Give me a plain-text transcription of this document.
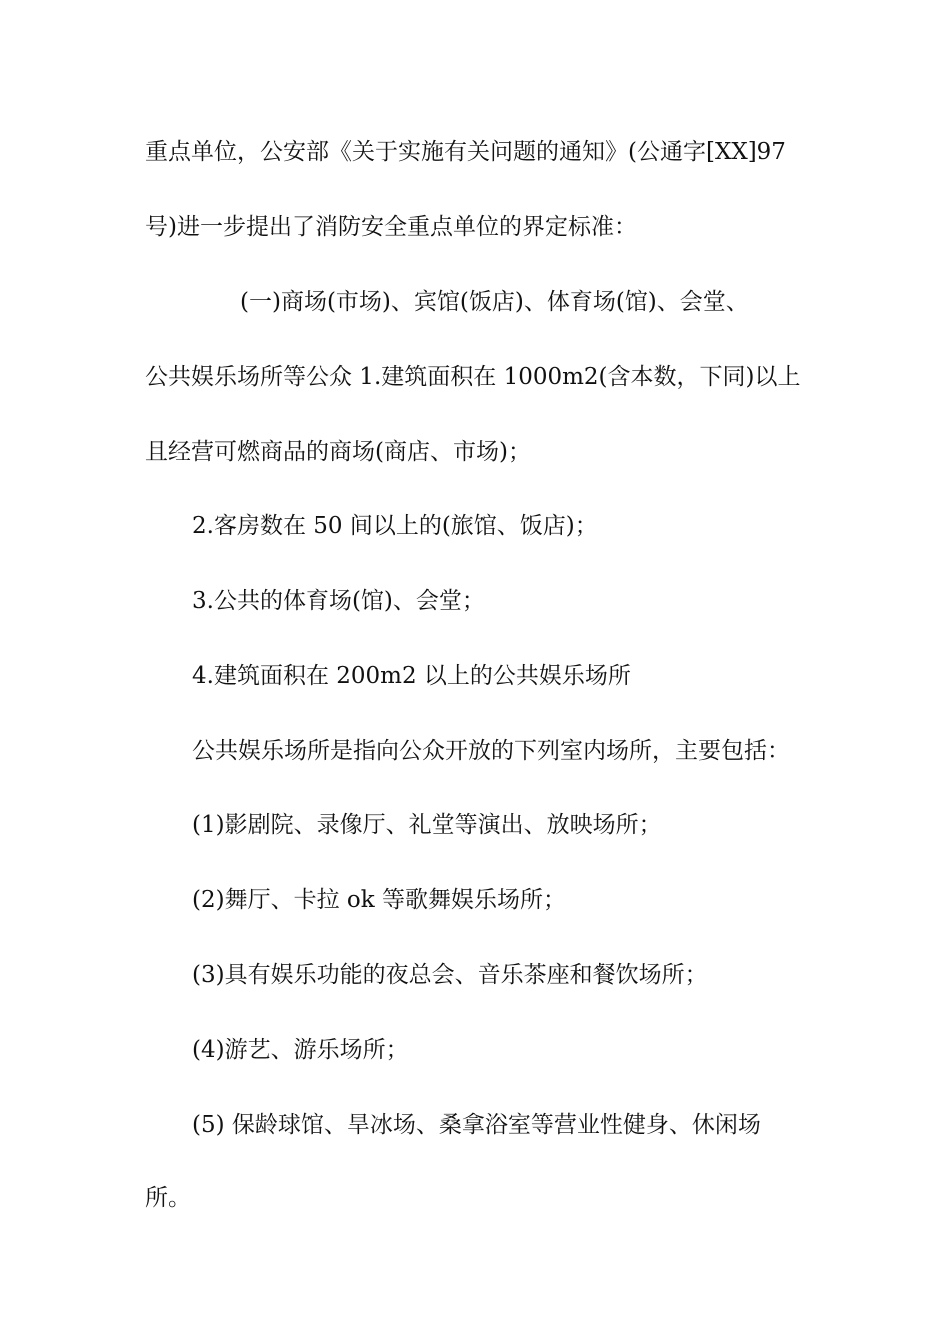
重点单位，公安部《关于实施有关问题的通知》(公通字[XX]97
号)进一步提出了消防安全重点单位的界定标准：
(一)商场(市场)、宾馆(饭店)、体育场(馆)、会堂、
公共娱乐场所等公众 1.建筑面积在 1000m2(含本数，下同)以上
且经营可燃商品的商场(商店、市场)；
2.客房数在 50 间以上的(旅馆、饭店)；
3.公共的体育场(馆)、会堂；
4.建筑面积在 200m2 以上的公共娱乐场所
公共娱乐场所是指向公众开放的下列室内场所，主要包括：
(1)影剧院、录像厅、礼堂等演出、放映场所；
(2)舞厅、卡拉 ok 等歌舞娱乐场所；
(3)具有娱乐功能的夜总会、音乐茶座和餐饮场所；
(4)游艺、游乐场所；
(5) 保龄球馆、旱冰场、桑拿浴室等营业性健身、休闲场
所。
